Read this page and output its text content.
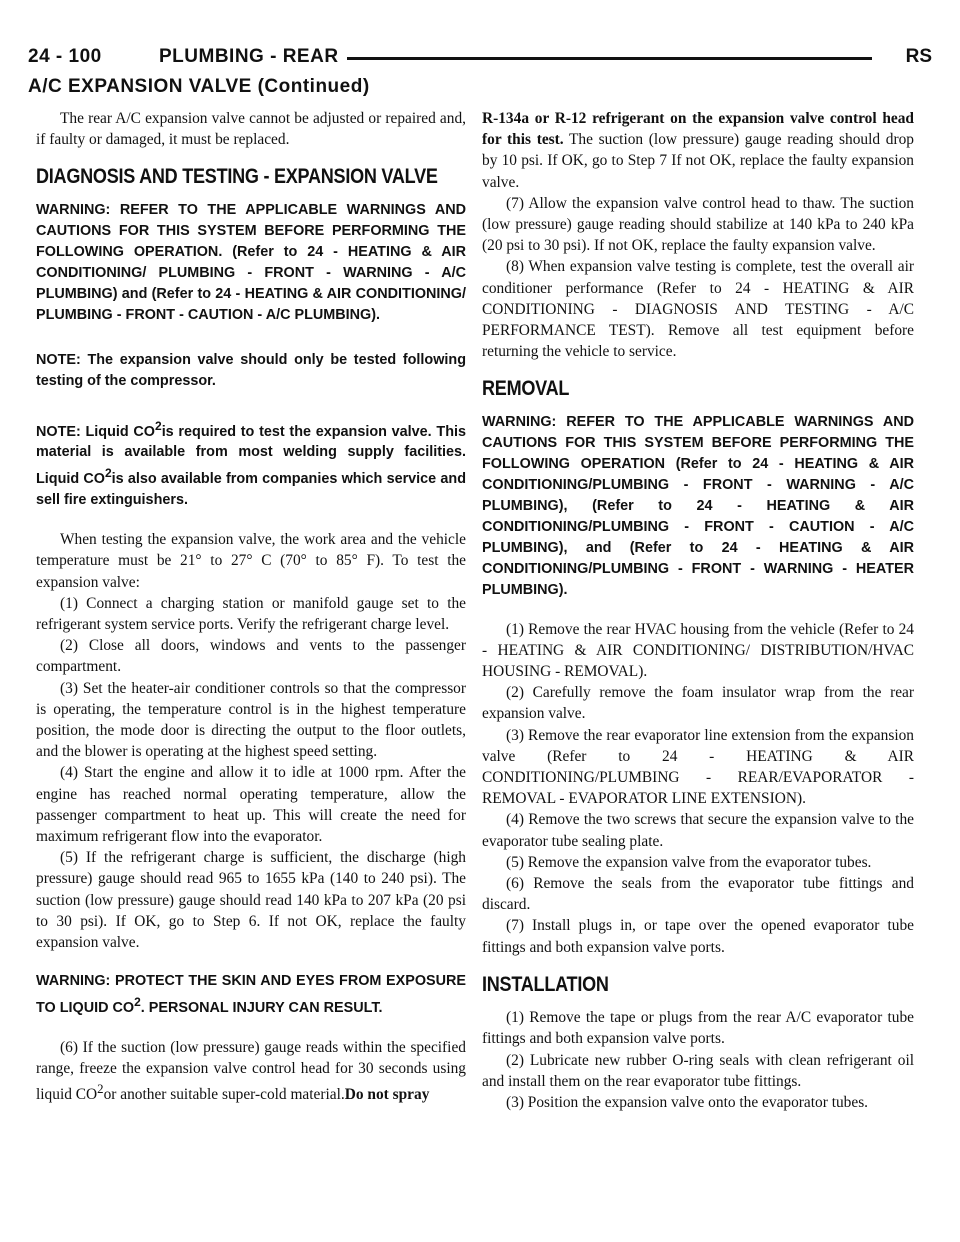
24 - 100	PLUMBING - REAR	RS
A/C EXPANSION VALVE (Continued)

The rear A/C expansion valve cannot be adjusted or repaired and, if faulty or damaged, it must be replaced.

DIAGNOSIS AND TESTING - EXPANSION VALVE

WARNING: REFER TO THE APPLICABLE WARNINGS AND CAUTIONS FOR THIS SYSTEM BEFORE PERFORMING THE FOLLOWING OPERATION. (Refer to 24 - HEATING & AIR CONDITIONING/ PLUMBING - FRONT - WARNING - A/C PLUMBING) and (Refer to 24 - HEATING & AIR CONDITIONING/ PLUMBING - FRONT - CAUTION - A/C PLUMBING).

NOTE: The expansion valve should only be tested following testing of the compressor.

NOTE: Liquid $CO^2is$ required to test the expansion valve. This material is available from most welding supply facilities. Liquid $CO^2is$ also available from companies which service and sell fire extinguishers.

When testing the expansion valve, the work area and the vehicle temperature must be 21° to 27° C (70° to 85° F). To test the expansion valve:

(1) Connect a charging station or manifold gauge set to the refrigerant system service ports. Verify the refrigerant charge level.

(2) Close all doors, windows and vents to the passenger compartment.

(3) Set the heater-air conditioner controls so that the compressor is operating, the temperature control is in the highest temperature position, the mode door is directing the output to the floor outlets, and the blower is operating at the highest speed setting.

(4) Start the engine and allow it to idle at 1000 rpm. After the engine has reached normal operating temperature, allow the passenger compartment to heat up. This will create the need for maximum refrigerant flow into the evaporator.

(5) If the refrigerant charge is sufficient, the discharge (high pressure) gauge should read 965 to 1655 kPa (140 to 240 psi). The suction (low pressure) gauge should read 140 kPa to 207 kPa (20 psi to 30 psi). If OK, go to Step 6. If not OK, replace the faulty expansion valve.

WARNING: PROTECT THE SKIN AND EYES FROM EXPOSURE TO LIQUID $CO^2$. PERSONAL INJURY CAN RESULT.

(6) If the suction (low pressure) gauge reads within the specified range, freeze the expansion valve control head for 30 seconds using liquid $CO^2or$ another suitable super-cold material.Do not spray

R-134a or R-12 refrigerant on the expansion valve control head for this test. The suction (low pressure) gauge reading should drop by 10 psi. If OK, go to Step 7 If not OK, replace the faulty expansion valve.

(7) Allow the expansion valve control head to thaw. The suction (low pressure) gauge reading should stabilize at 140 kPa to 240 kPa (20 psi to 30 psi). If not OK, replace the faulty expansion valve.

(8) When expansion valve testing is complete, test the overall air conditioner performance (Refer to 24 - HEATING & AIR CONDITIONING - DIAGNOSIS AND TESTING - A/C PERFORMANCE TEST). Remove all test equipment before returning the vehicle to service.

REMOVAL

WARNING: REFER TO THE APPLICABLE WARNINGS AND CAUTIONS FOR THIS SYSTEM BEFORE PERFORMING THE FOLLOWING OPERATION (Refer to 24 - HEATING & AIR CONDITIONING/PLUMBING - FRONT - WARNING - A/C PLUMBING), (Refer to 24 - HEATING & AIR CONDITIONING/PLUMBING - FRONT - CAUTION - A/C PLUMBING), and (Refer to 24 - HEATING & AIR CONDITIONING/PLUMBING - FRONT - WARNING - HEATER PLUMBING).

(1) Remove the rear HVAC housing from the vehicle (Refer to 24 - HEATING & AIR CONDITIONING/ DISTRIBUTION/HVAC HOUSING - REMOVAL).

(2) Carefully remove the foam insulator wrap from the rear expansion valve.

(3) Remove the rear evaporator line extension from the expansion valve (Refer to 24 - HEATING & AIR CONDITIONING/PLUMBING - REAR/EVAPORATOR - REMOVAL - EVAPORATOR LINE EXTENSION).

(4) Remove the two screws that secure the expansion valve to the evaporator tube sealing plate.

(5) Remove the expansion valve from the evaporator tubes.

(6) Remove the seals from the evaporator tube fittings and discard.

(7) Install plugs in, or tape over the opened evaporator tube fittings and both expansion valve ports.

INSTALLATION

(1) Remove the tape or plugs from the rear A/C evaporator tube fittings and both expansion valve ports.

(2) Lubricate new rubber O-ring seals with clean refrigerant oil and install them on the rear evaporator tube fittings.

(3) Position the expansion valve onto the evaporator tubes.
